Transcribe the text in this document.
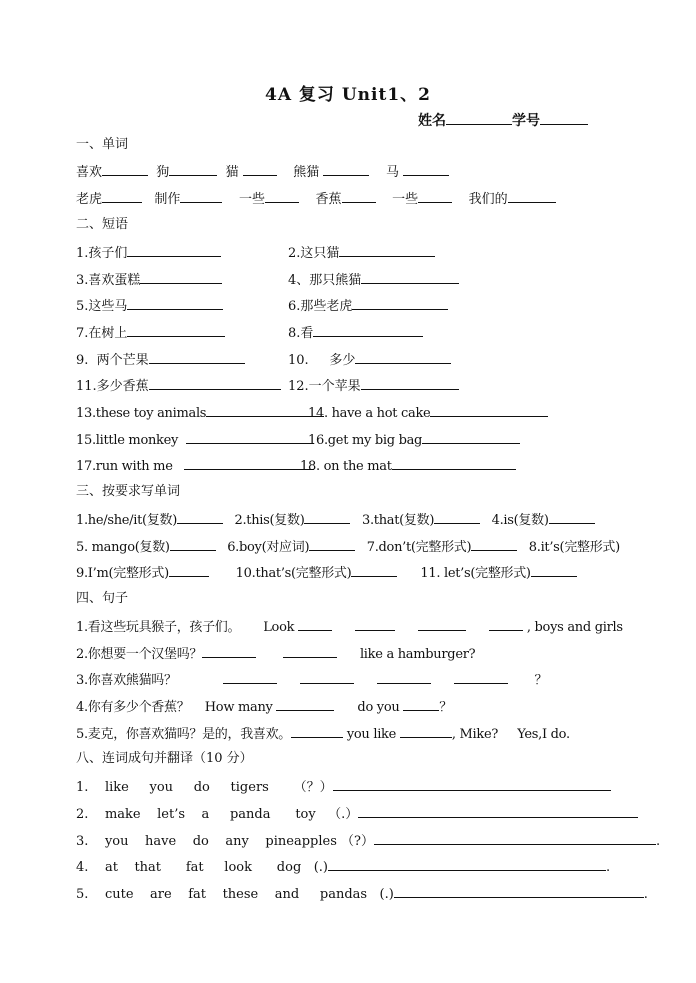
4A 复习 Unit1、2
姓名	学号
一、单词
喜欢	狗	猫	熊猫	马
老虎	制作	一些	香蕉	一些	我们的
二、短语
1.孩子们	2.这只猫
3.喜欢蛋糕	4、那只熊猫
5.这些马	6.那些老虎
7.在树上	8.看
9.  两个芒果	10.     多少
11.多少香蕉	12.一个苹果
13.these toy animals	14. have a hot cake
15.little monkey	16.get my big bag
17.run with me	18. on the mat
三、按要求写单词
1.he/she/it(复数)	2.this(复数)	3.that(复数)	4.is(复数)
5. mango(复数)	6.boy(对应词)	7.don’t(完整形式)	8.it’s(完整形式)
9.I’m(完整形式)	10.that’s(完整形式)	11. let’s(完整形式)
四、句子
1.看这些玩具猴子，孩子们。 Look	, boys and girls
2.你想要一个汉堡吗？	like a hamburger?
3.你喜欢熊猫吗？	？
4.你有多少个香蕉？ How many	do you	？
5.麦克，你喜欢猫吗？是的，我喜欢。	you like	, Mike? Yes,I do.
八、连词成句并翻译（10 分）
1. like you do tigers （？）
2. make let’s a panda toy （.）
3. you have do any pineapples （?）	.
4. at that fat look dog (.)	.
5. cute are fat these and pandas (.)	.
